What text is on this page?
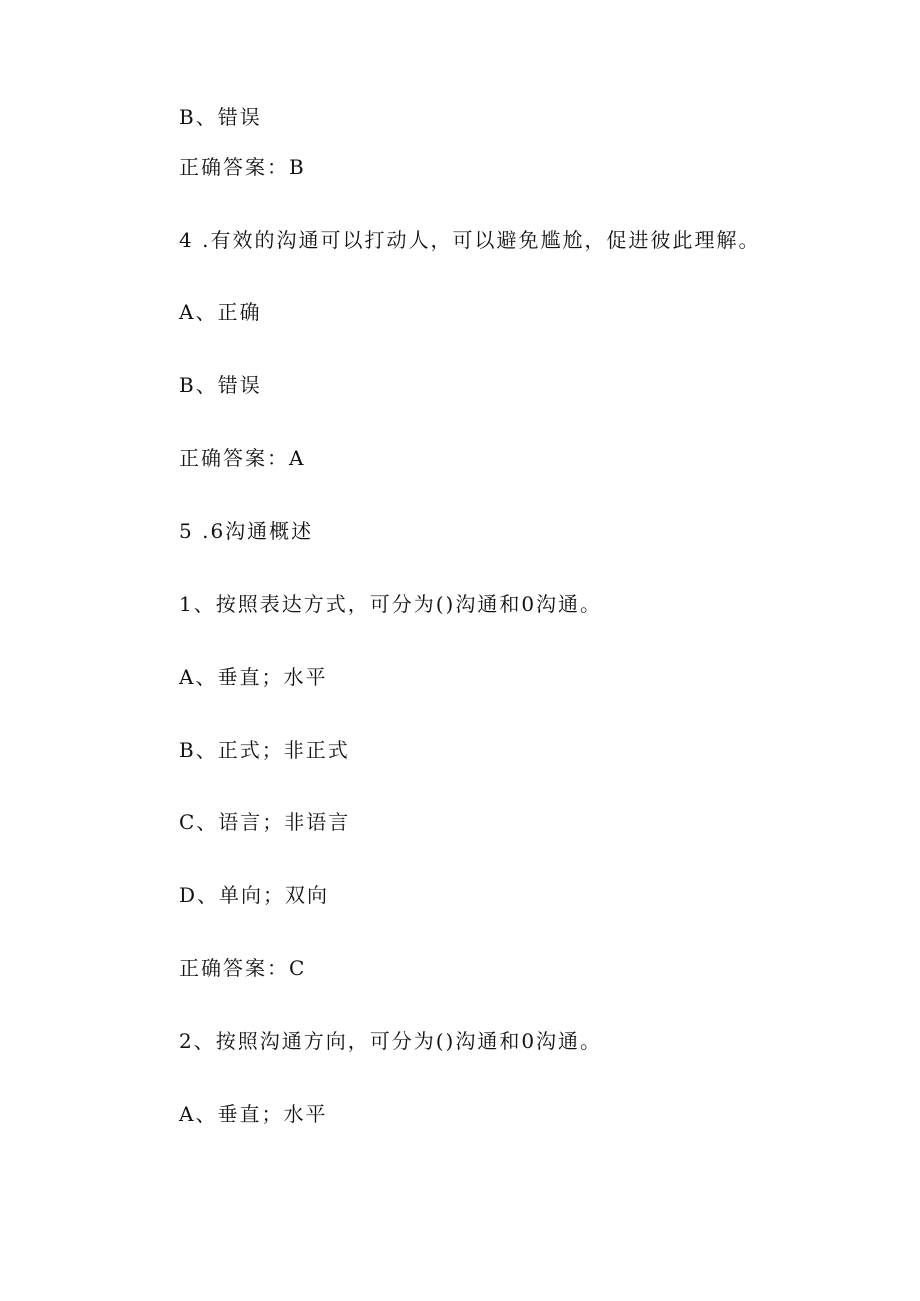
B、错误
正确答案：B
4 .有效的沟通可以打动人，可以避免尴尬，促进彼此理解。
A、正确
B、错误
正确答案：A
5 .6沟通概述
1、按照表达方式，可分为()沟通和0沟通。
A、垂直；水平
B、正式；非正式
C、语言；非语言
D、单向；双向
正确答案：C
2、按照沟通方向，可分为()沟通和0沟通。
A、垂直；水平
